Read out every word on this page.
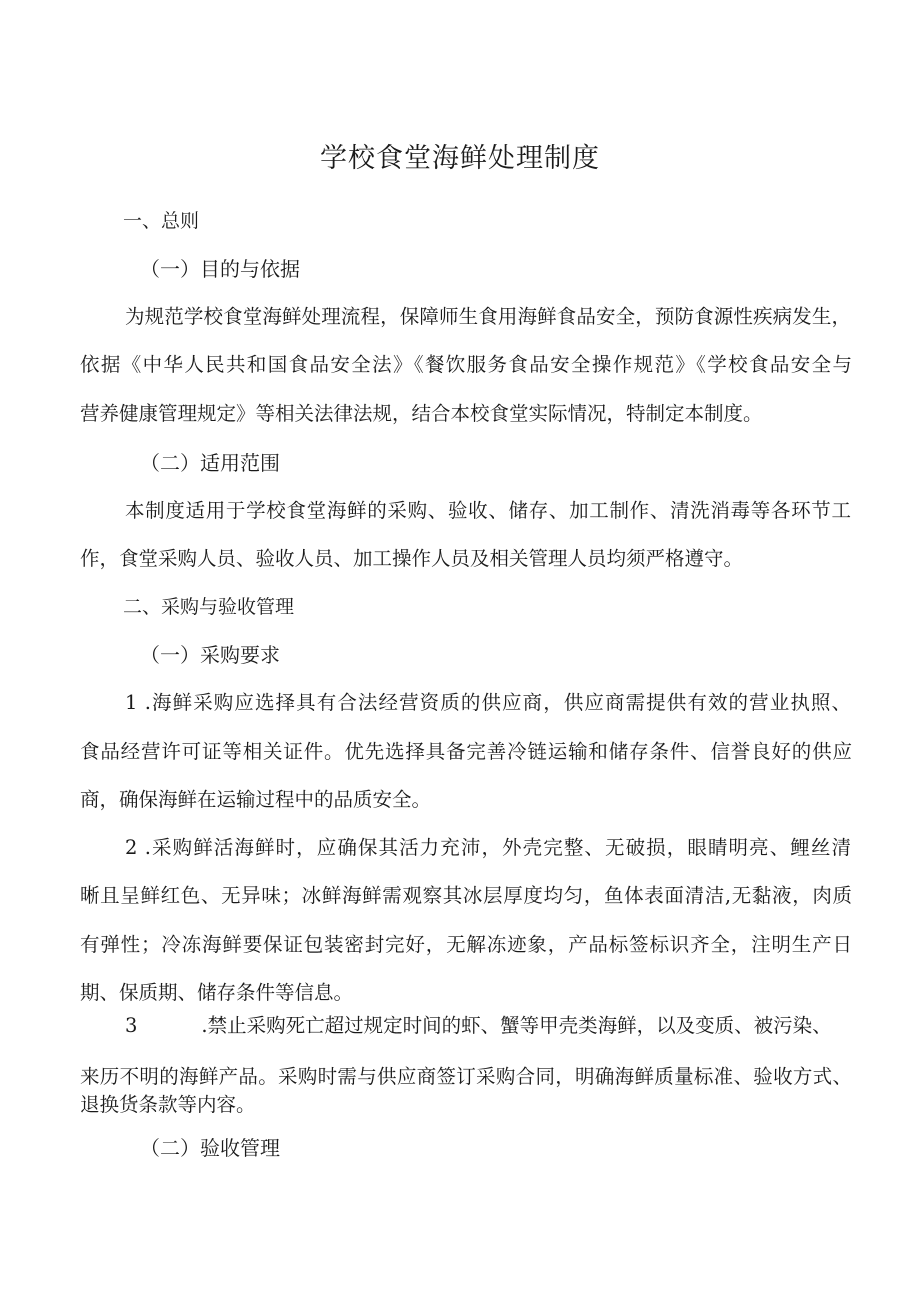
学校食堂海鲜处理制度
一、总则
（一）目的与依据
为规范学校食堂海鲜处理流程，保障师生食用海鲜食品安全，预防食源性疾病发生，
依据《中华人民共和国食品安全法》《餐饮服务食品安全操作规范》《学校食品安全与
营养健康管理规定》等相关法律法规，结合本校食堂实际情况，特制定本制度。
（二）适用范围
本制度适用于学校食堂海鲜的采购、验收、储存、加工制作、清洗消毒等各环节工
作，食堂采购人员、验收人员、加工操作人员及相关管理人员均须严格遵守。
二、采购与验收管理
（一）采购要求
1 .海鲜采购应选择具有合法经营资质的供应商，供应商需提供有效的营业执照、
食品经营许可证等相关证件。优先选择具备完善冷链运输和储存条件、信誉良好的供应
商，确保海鲜在运输过程中的品质安全。
2 .采购鲜活海鲜时，应确保其活力充沛，外壳完整、无破损，眼睛明亮、鲤丝清
晰且呈鲜红色、无异味；冰鲜海鲜需观察其冰层厚度均匀，鱼体表面清洁,无黏液，肉质
有弹性；冷冻海鲜要保证包装密封完好，无解冻迹象，产品标签标识齐全，注明生产日
期、保质期、储存条件等信息。
3	.禁止采购死亡超过规定时间的虾、蟹等甲壳类海鲜，以及变质、被污染、
来历不明的海鲜产品。采购时需与供应商签订采购合同，明确海鲜质量标准、验收方式、
退换货条款等内容。
（二）验收管理
